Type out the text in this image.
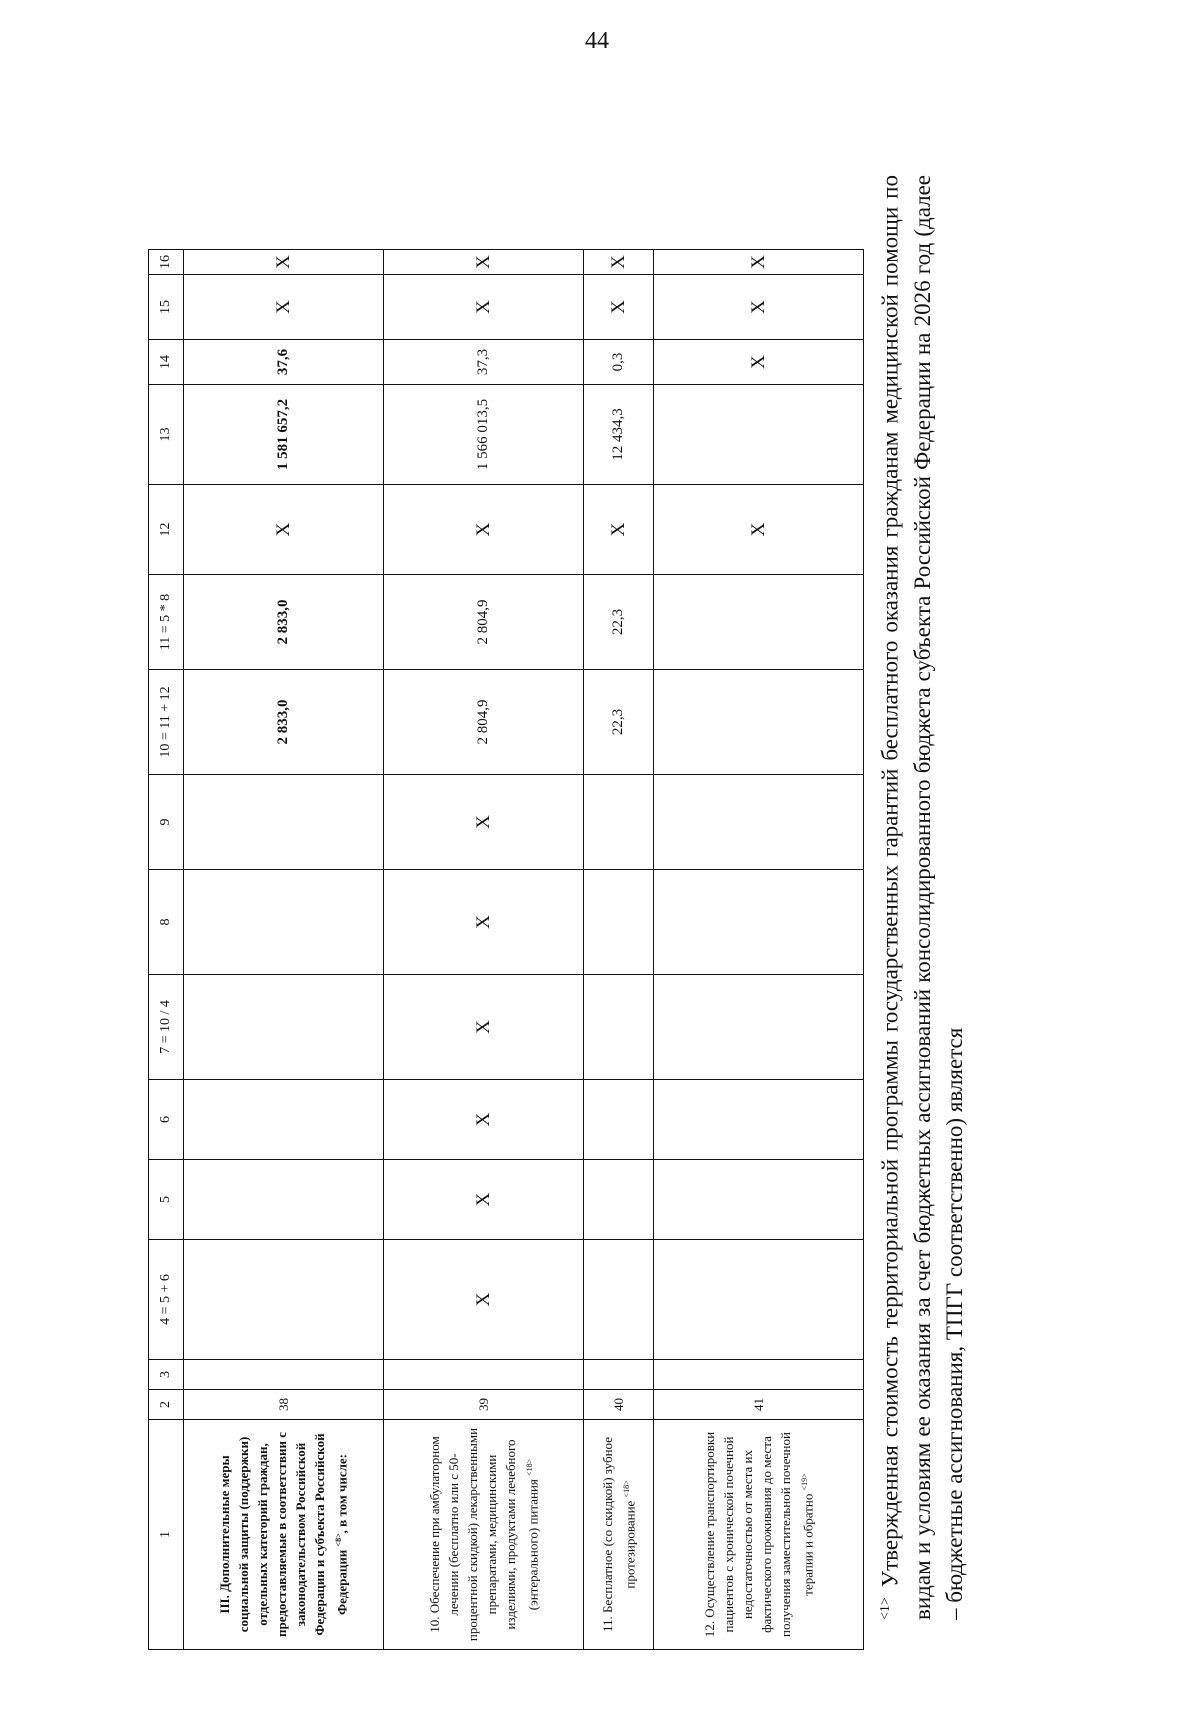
44
1	2	3	4 = 5 + 6	5	6	7 = 10 / 4	8	9	10 = 11 + 12	11 = 5 * 8	12	13	14	15	16
III. Дополнительные меры социальной защиты (поддержки) отдельных категорий граждан, предоставляемые в соответствии с законодательством Российской Федерации и субъекта Российской Федерации $^{<8>}$, в том числе:	38								2 833,0	2 833,0	Х	1 581 657,2	37,6	Х	Х
10. Обеспечение при амбулаторном лечении (бесплатно или с 50-процентной скидкой) лекарственными препаратами, медицинскими изделиями, продуктами лечебного (энтерального) питания $^{<18>}$	39		Х	Х	Х	Х	Х	Х	2 804,9	2 804,9	Х	1 566 013,5	37,3	Х	Х
11. Бесплатное (со скидкой) зубное протезирование $^{<18>}$	40								22,3	22,3	Х	12 434,3	0,3	Х	Х
12. Осуществление транспортировки пациентов с хронической почечной недостаточностью от места их фактического проживания до места получения заместительной почечной терапии и обратно $^{<19>}$	41										Х		Х	Х	Х
$^{<1>}$Утвержденная стоимость территориальной программы государственных гарантий бесплатного оказания гражданам медицинской помощи по видам и условиям ее оказания за счет бюджетных ассигнований консолидированного бюджета субъекта Российской Федерации на 2026 год (далее – бюджетные ассигнования, ТПГГ соответственно) является
